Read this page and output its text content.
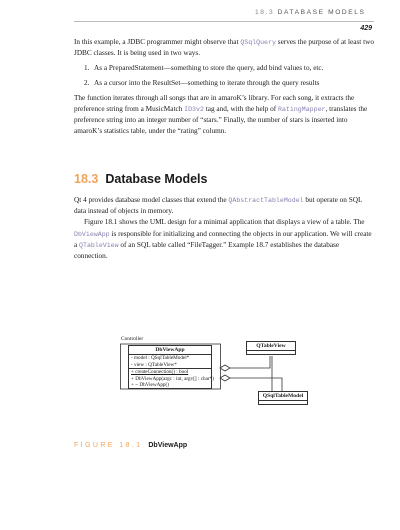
18.3 DATABASE MODELS
429

In this example, a JDBC programmer might observe that QSqlQuery serves the purpose of at least two JDBC classes. It is being used in two ways.

1. As a PreparedStatement—something to store the query, add bind values to, etc.
2. As a cursor into the ResultSet—something to iterate through the query results

The function iterates through all songs that are in amaroK’s library. For each song, it extracts the preference string from a MusicMatch ID3v2 tag and, with the help of RatingMapper, translates the preference string into an integer number of “stars.” Finally, the number of stars is inserted into amaroK’s statistics table, under the “rating” column.

18.3 Database Models

Qt 4 provides database model classes that extend the QAbstractTableModel but operate on SQL data instead of objects in memory.

Figure 18.1 shows the UML design for a minimal application that displays a view of a table. The DbViewApp is responsible for initializing and connecting the objects in our application. We will create a QTableView of an SQL table called “FileTagger.” Example 18.7 establishes the database connection.

Controller
DbViewApp
- model : QSqlTableModel*
- view : QTableView*
+ createConnection() : bool
+ DbViewApp(argc : int, argv[] : char*)
+ ~ DbViewApp()
QTableView
QSqlTableModel
FIGURE 18.1 DbViewApp
